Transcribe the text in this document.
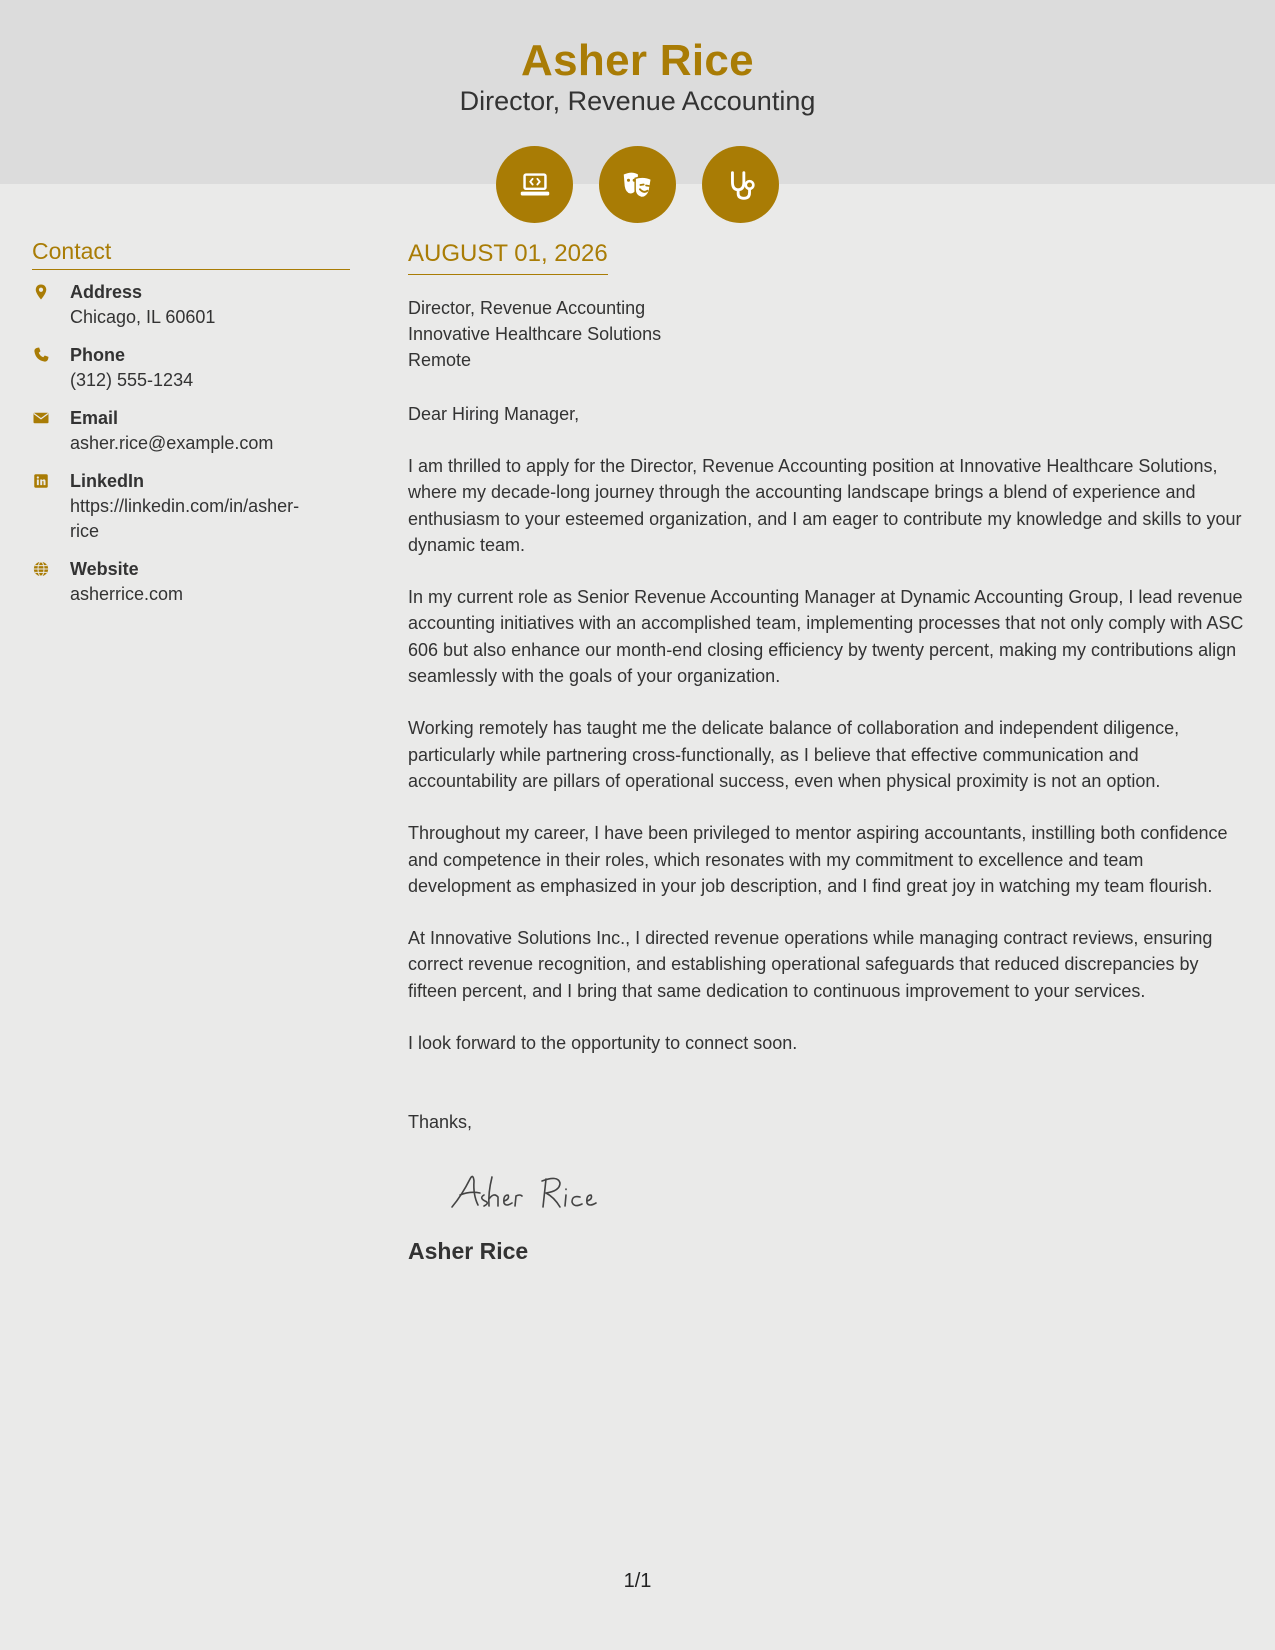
Asher Rice
Director, Revenue Accounting
Contact
Address
Chicago, IL 60601
Phone
(312) 555-1234
Email
asher.rice@example.com
LinkedIn
https://linkedin.com/in/asher-rice
Website
asherrice.com
AUGUST 01, 2026
Director, Revenue Accounting
Innovative Healthcare Solutions
Remote
Dear Hiring Manager,

I am thrilled to apply for the Director, Revenue Accounting position at Innovative Healthcare Solutions, where my decade-long journey through the accounting landscape brings a blend of experience and enthusiasm to your esteemed organization, and I am eager to contribute my knowledge and skills to your dynamic team.

In my current role as Senior Revenue Accounting Manager at Dynamic Accounting Group, I lead revenue accounting initiatives with an accomplished team, implementing processes that not only comply with ASC 606 but also enhance our month-end closing efficiency by twenty percent, making my contributions align seamlessly with the goals of your organization.

Working remotely has taught me the delicate balance of collaboration and independent diligence, particularly while partnering cross-functionally, as I believe that effective communication and accountability are pillars of operational success, even when physical proximity is not an option.

Throughout my career, I have been privileged to mentor aspiring accountants, instilling both confidence and competence in their roles, which resonates with my commitment to excellence and team development as emphasized in your job description, and I find great joy in watching my team flourish.

At Innovative Solutions Inc., I directed revenue operations while managing contract reviews, ensuring correct revenue recognition, and establishing operational safeguards that reduced discrepancies by fifteen percent, and I bring that same dedication to continuous improvement to your services.

I look forward to the opportunity to connect soon.

Thanks,
Asher Rice
1/1
